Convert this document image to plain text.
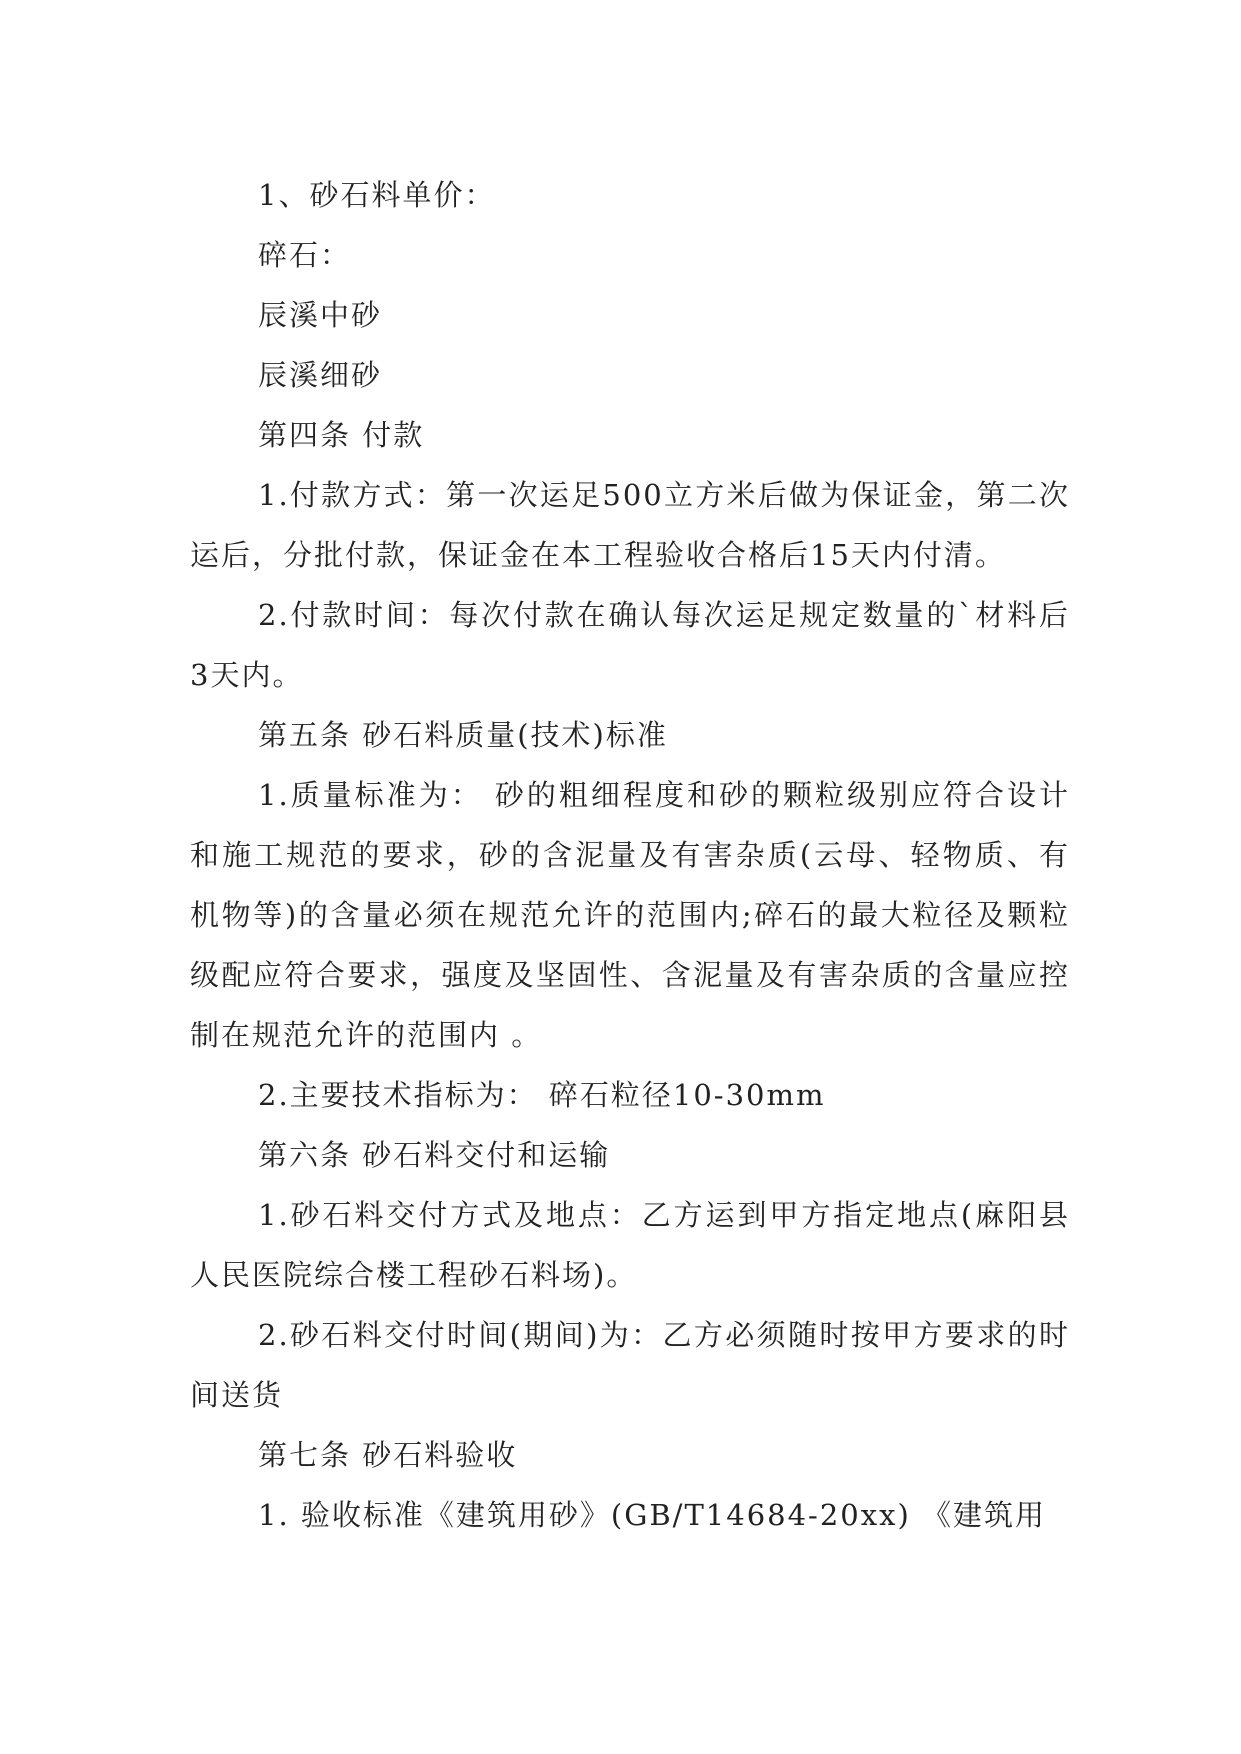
1、砂石料单价：

碎石：

辰溪中砂

辰溪细砂

第四条 付款

1.付款方式：第一次运足500立方米后做为保证金，第二次运后，分批付款，保证金在本工程验收合格后15天内付清。

2.付款时间：每次付款在确认每次运足规定数量的`材料后3天内。

第五条 砂石料质量(技术)标准

1.质量标准为： 砂的粗细程度和砂的颗粒级别应符合设计和施工规范的要求，砂的含泥量及有害杂质(云母、轻物质、有机物等)的含量必须在规范允许的范围内;碎石的最大粒径及颗粒级配应符合要求，强度及坚固性、含泥量及有害杂质的含量应控制在规范允许的范围内 。

2.主要技术指标为： 碎石粒径10-30mm

第六条 砂石料交付和运输

1.砂石料交付方式及地点：乙方运到甲方指定地点(麻阳县人民医院综合楼工程砂石料场)。

2.砂石料交付时间(期间)为：乙方必须随时按甲方要求的时间送货

第七条 砂石料验收

1. 验收标准《建筑用砂》(GB/T14684-20xx) 《建筑用
